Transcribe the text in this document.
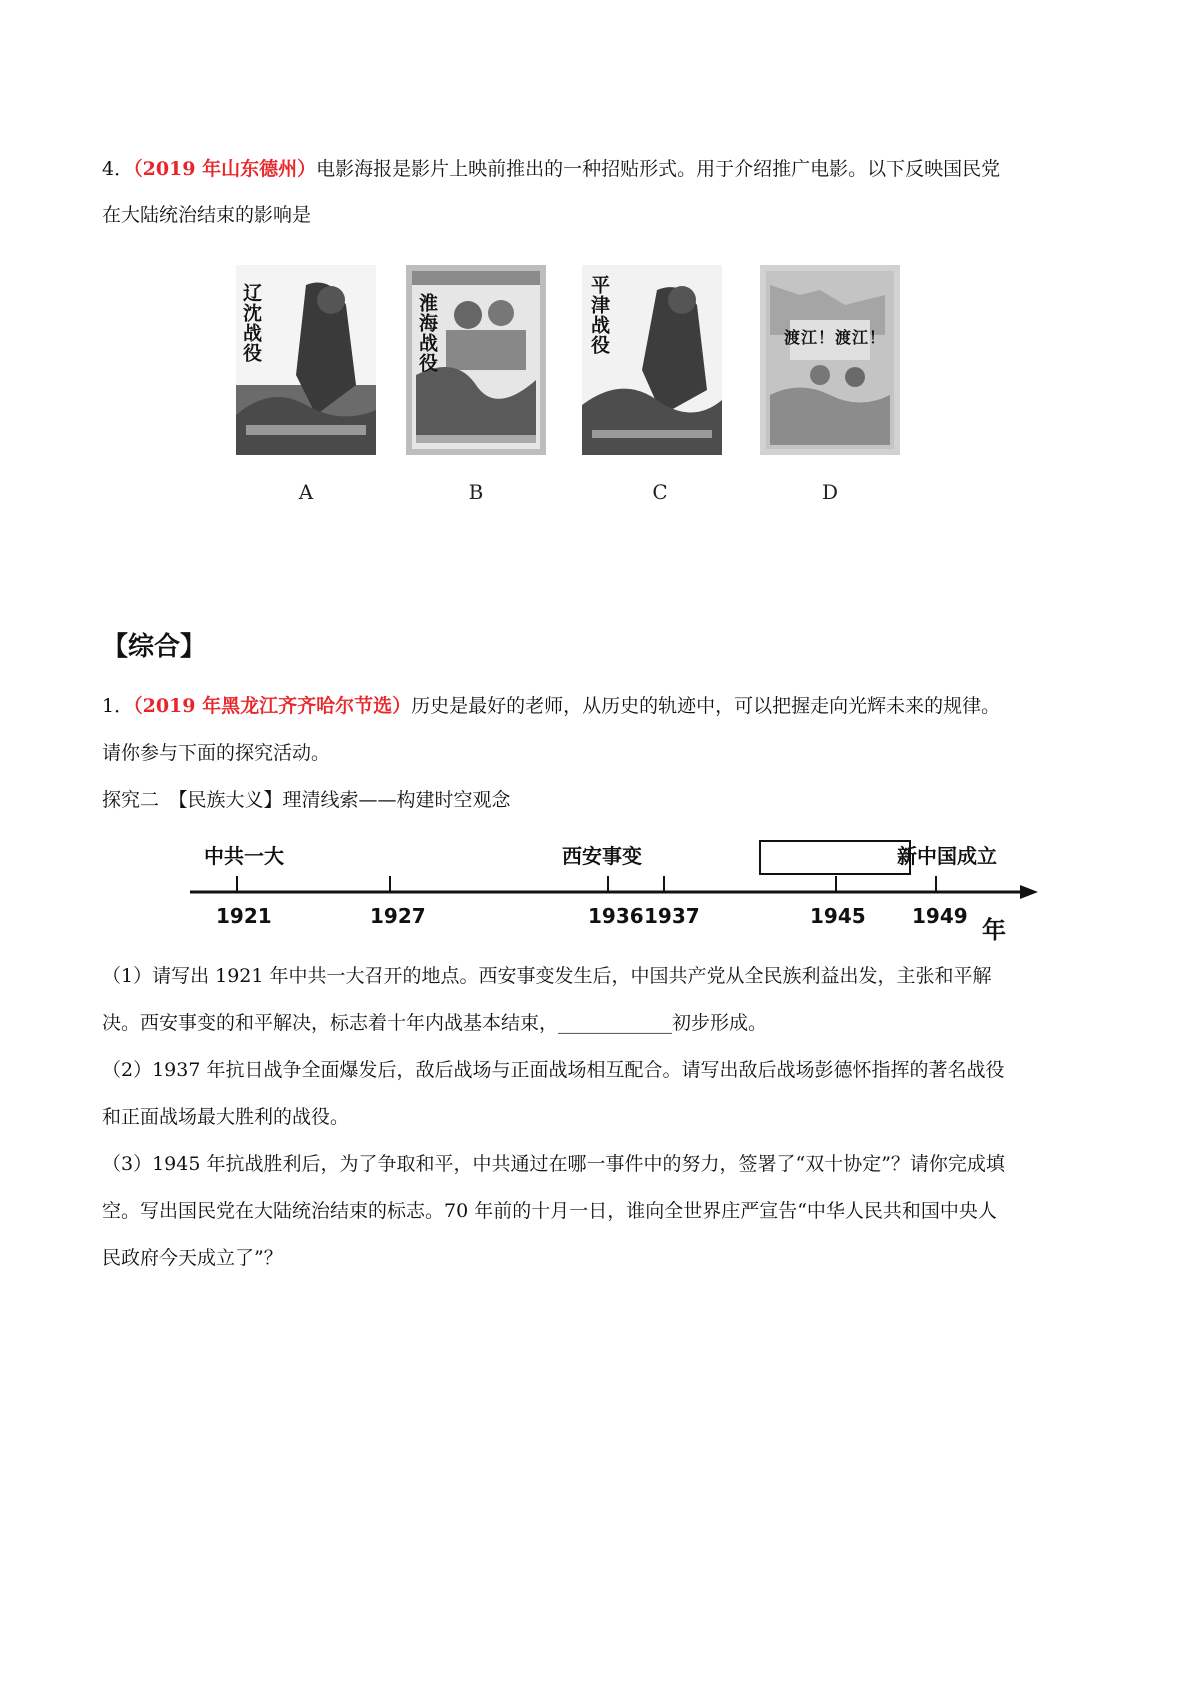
4．（2019 年山东德州）电影海报是影片上映前推出的一种招贴形式。用于介绍推广电影。以下反映国民党
在大陆统治结束的影响是
辽沈战役
A
淮海战役
B
平津战役
C
渡江！渡江！
D
【综合】
1．（2019 年黑龙江齐齐哈尔节选）历史是最好的老师，从历史的轨迹中，可以把握走向光辉未来的规律。
请你参与下面的探究活动。
探究二　【民族大义】理清线索——构建时空观念
中共一大	西安事变	新中国成立
1921	1927	1936 1937	1945 1949 年
（1）请写出 1921 年中共一大召开的地点。西安事变发生后，中国共产党从全民族利益出发，主张和平解
决。西安事变的和平解决，标志着十年内战基本结束，____________初步形成。
（2）1937 年抗日战争全面爆发后，敌后战场与正面战场相互配合。请写出敌后战场彭德怀指挥的著名战役
和正面战场最大胜利的战役。
（3）1945 年抗战胜利后，为了争取和平，中共通过在哪一事件中的努力，签署了“双十协定”？请你完成填
空。写出国民党在大陆统治结束的标志。70 年前的十月一日，谁向全世界庄严宣告“中华人民共和国中央人
民政府今天成立了”？
